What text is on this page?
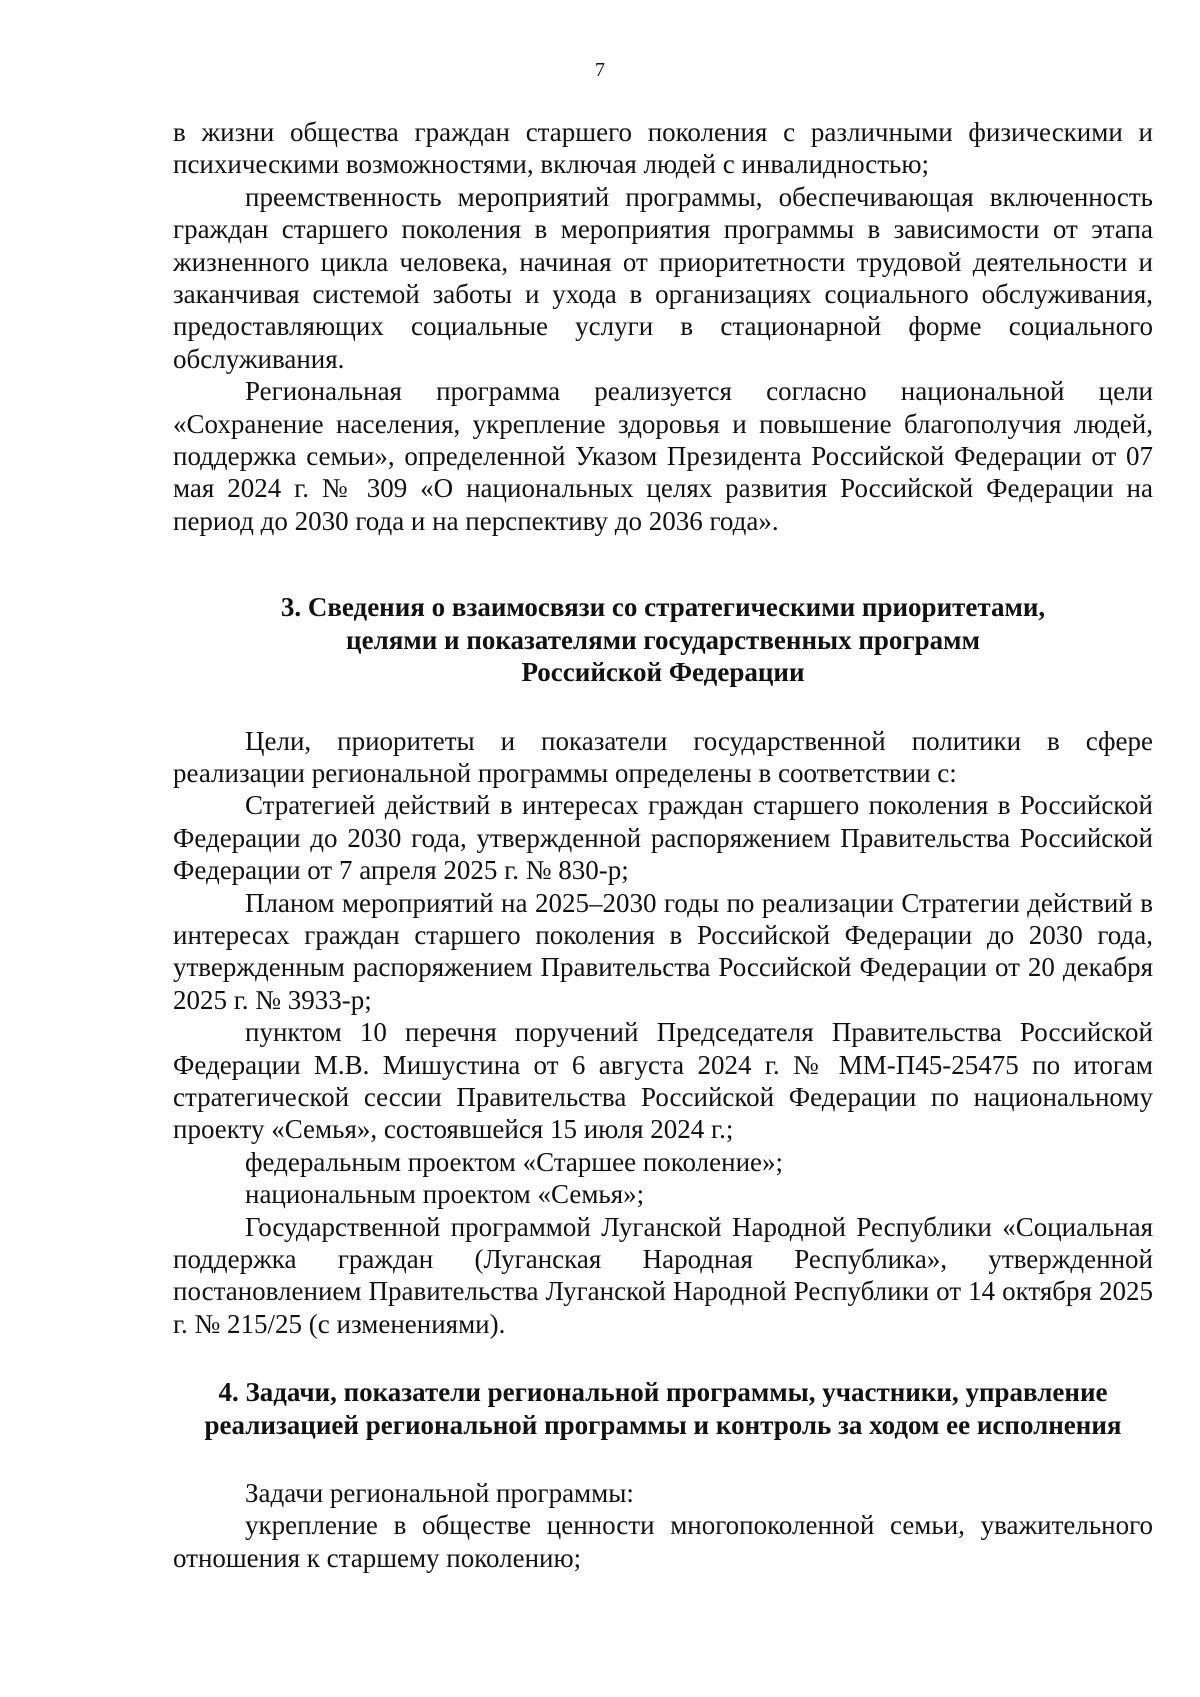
7

в жизни общества граждан старшего поколения с различными физическими и психическими возможностями, включая людей с инвалидностью;

преемственность мероприятий программы, обеспечивающая включенность граждан старшего поколения в мероприятия программы в зависимости от этапа жизненного цикла человека, начиная от приоритетности трудовой деятельности и заканчивая системой заботы и ухода в организациях социального обслуживания, предоставляющих социальные услуги в стационарной форме социального обслуживания.

Региональная программа реализуется согласно национальной цели «Сохранение населения, укрепление здоровья и повышение благополучия людей, поддержка семьи», определенной Указом Президента Российской Федерации от 07 мая 2024 г. № 309 «О национальных целях развития Российской Федерации на период до 2030 года и на перспективу до 2036 года».

3. Сведения о взаимосвязи со стратегическими приоритетами,
целями и показателями государственных программ
Российской Федерации

Цели, приоритеты и показатели государственной политики в сфере реализации региональной программы определены в соответствии с:

Стратегией действий в интересах граждан старшего поколения в Российской Федерации до 2030 года, утвержденной распоряжением Правительства Российской Федерации от 7 апреля 2025 г. № 830-р;

Планом мероприятий на 2025–2030 годы по реализации Стратегии действий в интересах граждан старшего поколения в Российской Федерации до 2030 года, утвержденным распоряжением Правительства Российской Федерации от 20 декабря 2025 г. № 3933-р;

пунктом 10 перечня поручений Председателя Правительства Российской Федерации М.В. Мишустина от 6 августа 2024 г. № ММ-П45-25475 по итогам стратегической сессии Правительства Российской Федерации по национальному проекту «Семья», состоявшейся 15 июля 2024 г.;

федеральным проектом «Старшее поколение»;

национальным проектом «Семья»;

Государственной программой Луганской Народной Республики «Социальная поддержка граждан (Луганская Народная Республика», утвержденной постановлением Правительства Луганской Народной Республики от 14 октября 2025 г. № 215/25 (с изменениями).

4. Задачи, показатели региональной программы, участники, управление
реализацией региональной программы и контроль за ходом ее исполнения

Задачи региональной программы:

укрепление в обществе ценности многопоколенной семьи, уважительного отношения к старшему поколению;
